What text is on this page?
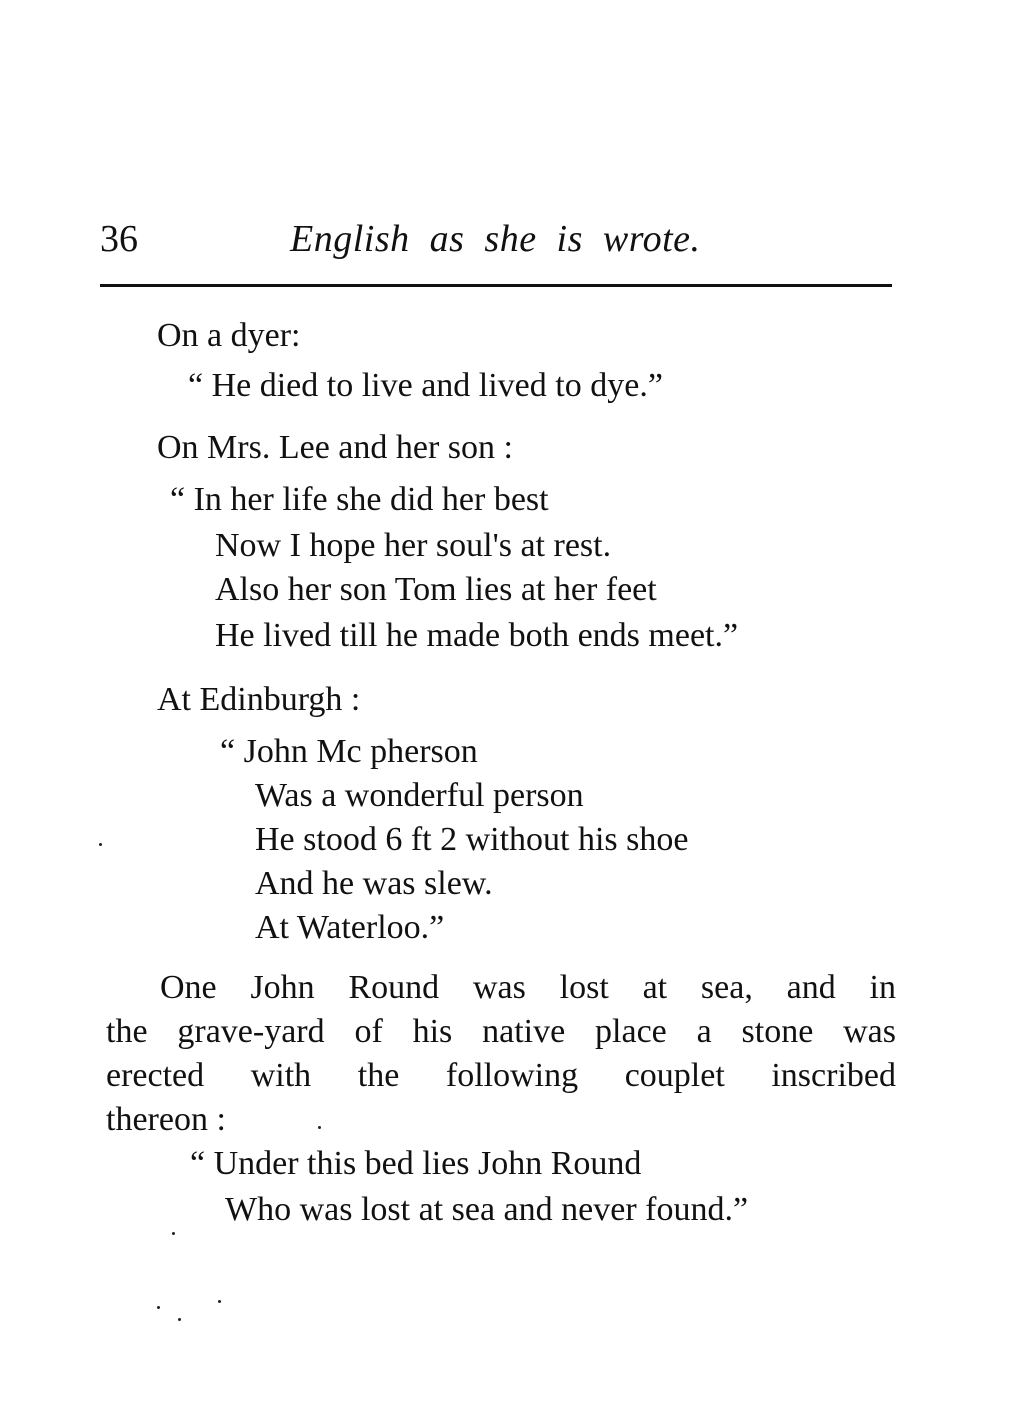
36	English as she is wrote.
On a dyer:
“ He died to live and lived to dye.”
On Mrs. Lee and her son :
“ In her life she did her best
Now I hope her soul's at rest.
Also her son Tom lies at her feet
He lived till he made both ends meet.”
At Edinburgh :
“ John Mc pherson
Was a wonderful person
He stood 6 ft 2 without his shoe
And he was slew.
At Waterloo.”
One John Round was lost at sea, and in
the grave-yard of his native place a stone was
erected with the following couplet inscribed
thereon :
“ Under this bed lies John Round
Who was lost at sea and never found.”
